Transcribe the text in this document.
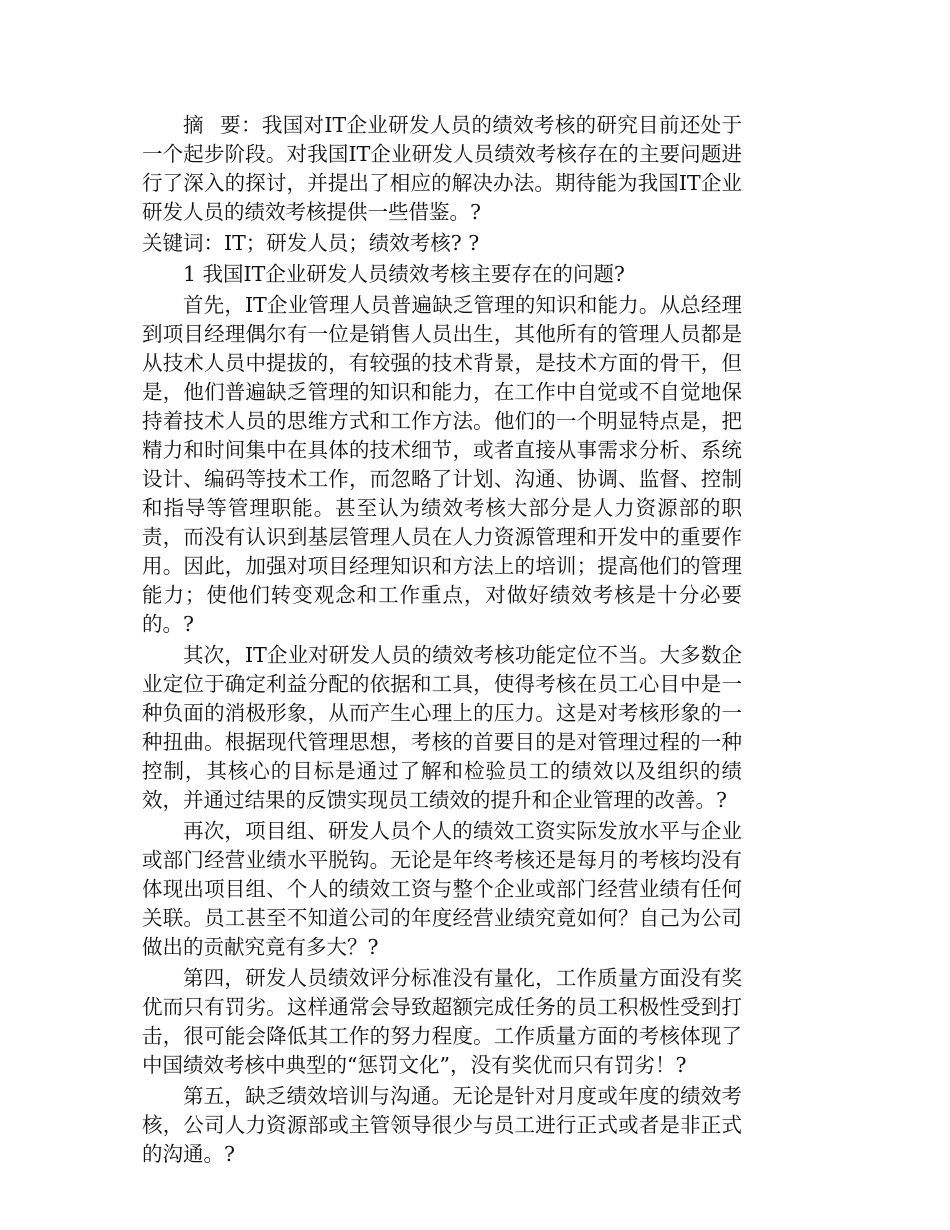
摘 要：我国对IT企业研发人员的绩效考核的研究目前还处于一个起步阶段。对我国IT企业研发人员绩效考核存在的主要问题进行了深入的探讨，并提出了相应的解决办法。期待能为我国IT企业研发人员的绩效考核提供一些借鉴。?

关键词：IT；研发人员；绩效考核? ?

1 我国IT企业研发人员绩效考核主要存在的问题?

首先，IT企业管理人员普遍缺乏管理的知识和能力。从总经理到项目经理偶尔有一位是销售人员出生，其他所有的管理人员都是从技术人员中提拔的，有较强的技术背景，是技术方面的骨干，但是，他们普遍缺乏管理的知识和能力，在工作中自觉或不自觉地保持着技术人员的思维方式和工作方法。他们的一个明显特点是，把精力和时间集中在具体的技术细节，或者直接从事需求分析、系统设计、编码等技术工作，而忽略了计划、沟通、协调、监督、控制和指导等管理职能。甚至认为绩效考核大部分是人力资源部的职责，而没有认识到基层管理人员在人力资源管理和开发中的重要作用。因此，加强对项目经理知识和方法上的培训；提高他们的管理能力；使他们转变观念和工作重点，对做好绩效考核是十分必要的。?

其次，IT企业对研发人员的绩效考核功能定位不当。大多数企业定位于确定利益分配的依据和工具，使得考核在员工心目中是一种负面的消极形象，从而产生心理上的压力。这是对考核形象的一种扭曲。根据现代管理思想，考核的首要目的是对管理过程的一种控制，其核心的目标是通过了解和检验员工的绩效以及组织的绩效，并通过结果的反馈实现员工绩效的提升和企业管理的改善。?

再次，项目组、研发人员个人的绩效工资实际发放水平与企业或部门经营业绩水平脱钩。无论是年终考核还是每月的考核均没有体现出项目组、个人的绩效工资与整个企业或部门经营业绩有任何关联。员工甚至不知道公司的年度经营业绩究竟如何？自己为公司做出的贡献究竟有多大？?

第四，研发人员绩效评分标准没有量化，工作质量方面没有奖优而只有罚劣。这样通常会导致超额完成任务的员工积极性受到打击，很可能会降低其工作的努力程度。工作质量方面的考核体现了中国绩效考核中典型的“惩罚文化”，没有奖优而只有罚劣！?

第五，缺乏绩效培训与沟通。无论是针对月度或年度的绩效考核，公司人力资源部或主管领导很少与员工进行正式或者是非正式的沟通。?
